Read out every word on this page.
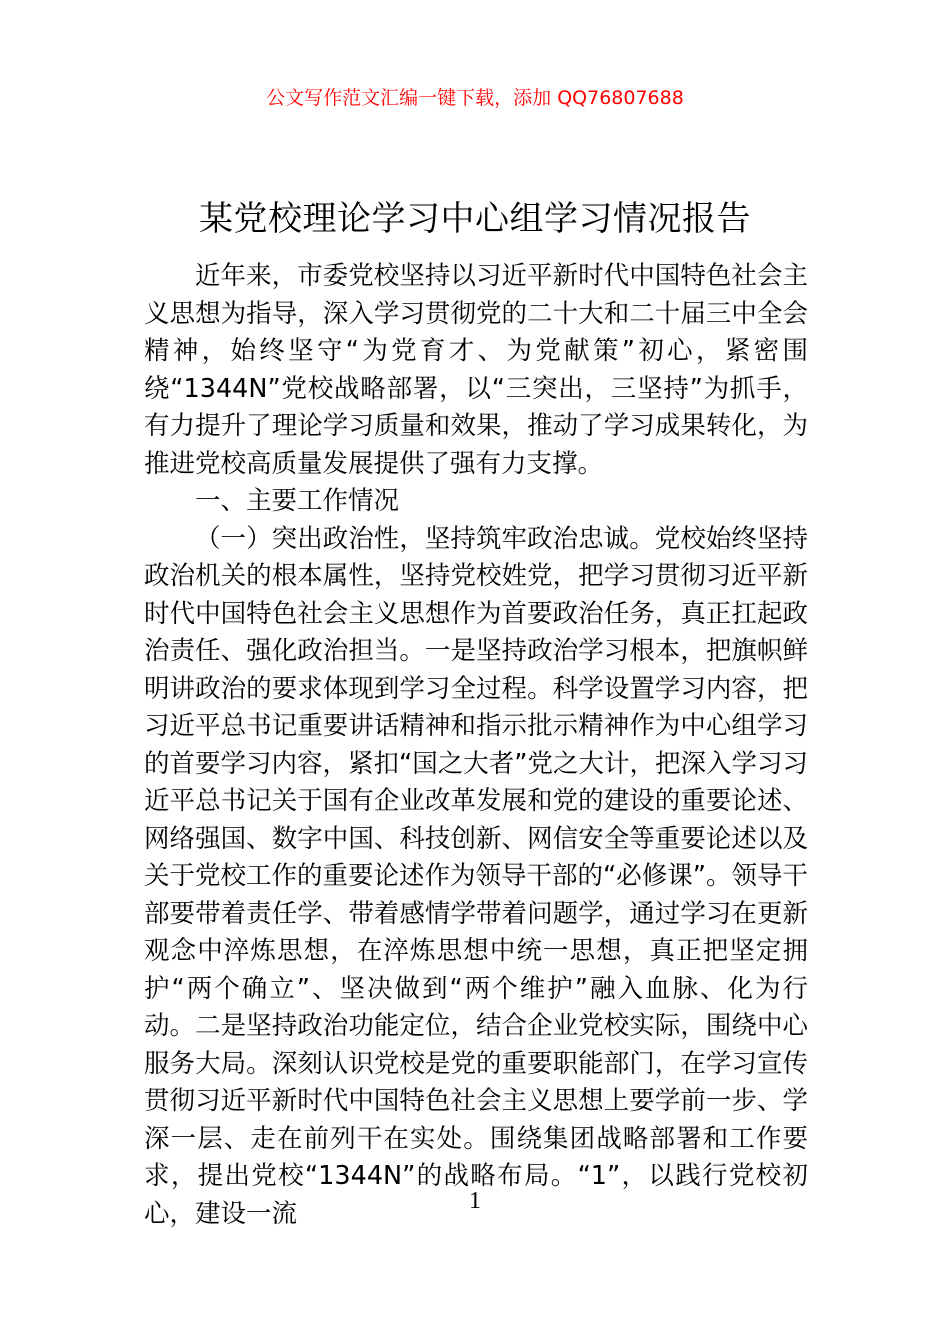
公文写作范文汇编一键下载，添加 QQ76807688
某党校理论学习中心组学习情况报告

近年来，市委党校坚持以习近平新时代中国特色社会主义思想为指导，深入学习贯彻党的二十大和二十届三中全会精神，始终坚守“为党育才、为党献策”初心，紧密围绕“1344N”党校战略部署，以“三突出，三坚持”为抓手，有力提升了理论学习质量和效果，推动了学习成果转化，为推进党校高质量发展提供了强有力支撑。

一、主要工作情况

（一）突出政治性，坚持筑牢政治忠诚。党校始终坚持政治机关的根本属性，坚持党校姓党，把学习贯彻习近平新时代中国特色社会主义思想作为首要政治任务，真正扛起政治责任、强化政治担当。一是坚持政治学习根本，把旗帜鲜明讲政治的要求体现到学习全过程。科学设置学习内容，把习近平总书记重要讲话精神和指示批示精神作为中心组学习的首要学习内容，紧扣“国之大者”党之大计，把深入学习习近平总书记关于国有企业改革发展和党的建设的重要论述、网络强国、数字中国、科技创新、网信安全等重要论述以及关于党校工作的重要论述作为领导干部的“必修课”。领导干部要带着责任学、带着感情学带着问题学，通过学习在更新观念中淬炼思想，在淬炼思想中统一思想，真正把坚定拥护“两个确立”、坚决做到“两个维护”融入血脉、化为行动。二是坚持政治功能定位，结合企业党校实际，围绕中心服务大局。深刻认识党校是党的重要职能部门，在学习宣传贯彻习近平新时代中国特色社会主义思想上要学前一步、学深一层、走在前列干在实处。围绕集团战略部署和工作要求，提出党校“1344N”的战略布局。“1”，以践行党校初心，建设一流	1
